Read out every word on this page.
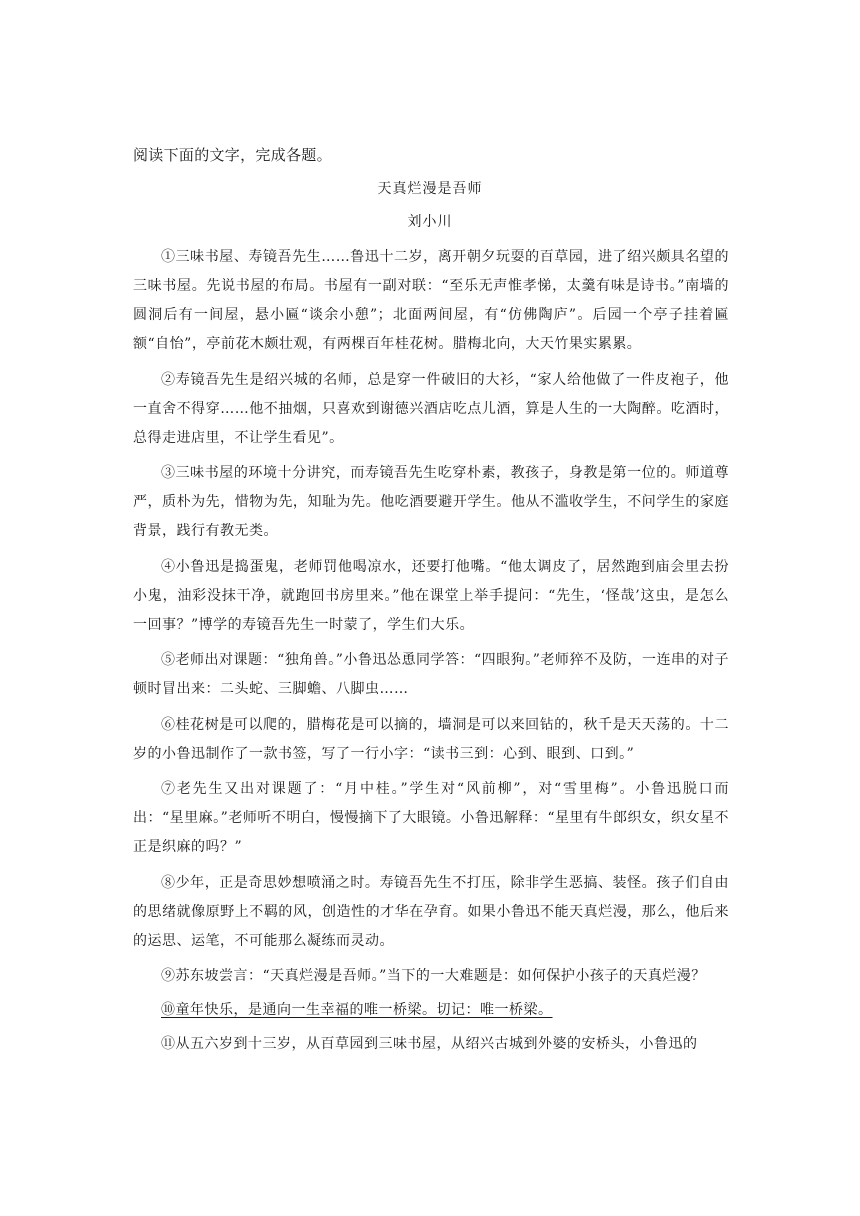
阅读下面的文字，完成各题。
天真烂漫是吾师
刘小川

①三味书屋、寿镜吾先生……鲁迅十二岁，离开朝夕玩耍的百草园，进了绍兴颇具名望的三味书屋。先说书屋的布局。书屋有一副对联：“至乐无声惟孝悌，太羹有味是诗书。”南墙的圆洞后有一间屋，悬小匾“谈余小憩”；北面两间屋，有“仿佛陶庐”。后园一个亭子挂着匾额“自怡”，亭前花木颇壮观，有两棵百年桂花树。腊梅北向，大天竹果实累累。

②寿镜吾先生是绍兴城的名师，总是穿一件破旧的大衫，“家人给他做了一件皮袍子，他一直舍不得穿……他不抽烟，只喜欢到谢德兴酒店吃点儿酒，算是人生的一大陶醉。吃酒时，总得走进店里，不让学生看见”。

③三味书屋的环境十分讲究，而寿镜吾先生吃穿朴素，教孩子，身教是第一位的。师道尊严，质朴为先，惜物为先，知耻为先。他吃酒要避开学生。他从不滥收学生，不问学生的家庭背景，践行有教无类。

④小鲁迅是捣蛋鬼，老师罚他喝凉水，还要打他嘴。“他太调皮了，居然跑到庙会里去扮小鬼，油彩没抹干净，就跑回书房里来。”他在课堂上举手提问：“先生，‘怪哉’这虫，是怎么一回事？”博学的寿镜吾先生一时蒙了，学生们大乐。

⑤老师出对课题：“独角兽。”小鲁迅怂恿同学答：“四眼狗。”老师猝不及防，一连串的对子顿时冒出来：二头蛇、三脚蟾、八脚虫……

⑥桂花树是可以爬的，腊梅花是可以摘的，墙洞是可以来回钻的，秋千是天天荡的。十二岁的小鲁迅制作了一款书签，写了一行小字：“读书三到：心到、眼到、口到。”

⑦老先生又出对课题了：“月中桂。”学生对“风前柳”，对“雪里梅”。小鲁迅脱口而出：“星里麻。”老师听不明白，慢慢摘下了大眼镜。小鲁迅解释：“星里有牛郎织女，织女星不正是织麻的吗？”

⑧少年，正是奇思妙想喷涌之时。寿镜吾先生不打压，除非学生恶搞、装怪。孩子们自由的思绪就像原野上不羁的风，创造性的才华在孕育。如果小鲁迅不能天真烂漫，那么，他后来的运思、运笔，不可能那么凝练而灵动。

⑨苏东坡尝言：“天真烂漫是吾师。”当下的一大难题是：如何保护小孩子的天真烂漫？

⑩童年快乐，是通向一生幸福的唯一桥梁。切记：唯一桥梁。

⑪从五六岁到十三岁，从百草园到三味书屋，从绍兴古城到外婆的安桥头，小鲁迅的
